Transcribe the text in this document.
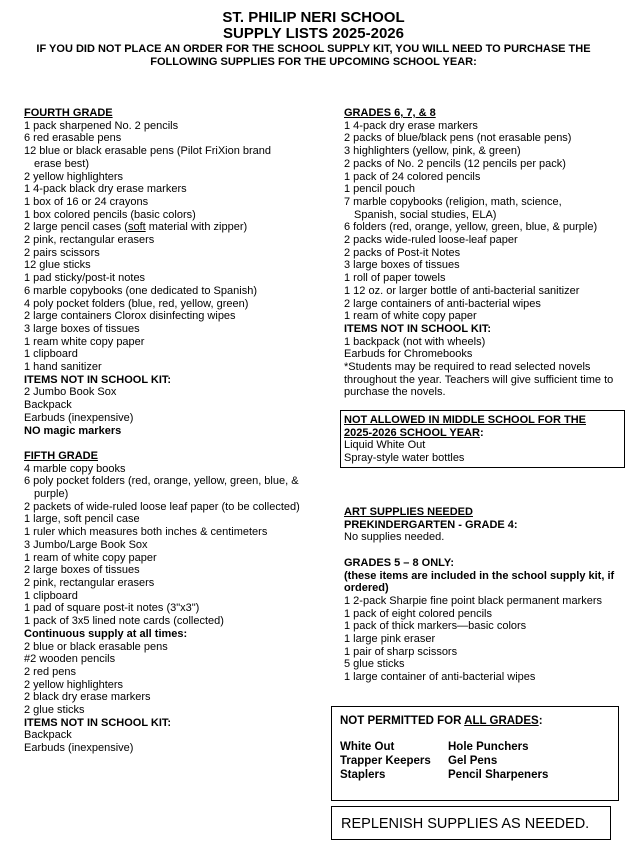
ST. PHILIP NERI SCHOOL
SUPPLY LISTS 2025-2026
IF YOU DID NOT PLACE AN ORDER FOR THE SCHOOL SUPPLY KIT, YOU WILL NEED TO PURCHASE THE
FOLLOWING SUPPLIES FOR THE UPCOMING SCHOOL YEAR:
FOURTH GRADE
1 pack sharpened No. 2 pencils
6 red erasable pens
12 blue or black erasable pens (Pilot FriXion brand
erase best)
2 yellow highlighters
1 4-pack black dry erase markers
1 box of 16 or 24 crayons
1 box colored pencils (basic colors)
2 large pencil cases (soft material with zipper)
2 pink, rectangular erasers
2 pairs scissors
12 glue sticks
1 pad sticky/post-it notes
6 marble copybooks (one dedicated to Spanish)
4 poly pocket folders (blue, red, yellow, green)
2 large containers Clorox disinfecting wipes
3 large boxes of tissues
1 ream white copy paper
1 clipboard
1 hand sanitizer
ITEMS NOT IN SCHOOL KIT:
2 Jumbo Book Sox
Backpack
Earbuds (inexpensive)
NO magic markers
FIFTH GRADE
4 marble copy books
6 poly pocket folders (red, orange, yellow, green, blue, &
purple)
2 packets of wide-ruled loose leaf paper (to be collected)
1 large, soft pencil case
1 ruler which measures both inches & centimeters
3 Jumbo/Large Book Sox
1 ream of white copy paper
2 large boxes of tissues
2 pink, rectangular erasers
1 clipboard
1 pad of square post-it notes (3"x3")
1 pack of 3x5 lined note cards (collected)
Continuous supply at all times:
2 blue or black erasable pens
#2 wooden pencils
2 red pens
2 yellow highlighters
2 black dry erase markers
2 glue sticks
ITEMS NOT IN SCHOOL KIT:
Backpack
Earbuds (inexpensive)
GRADES 6, 7, & 8
1 4-pack dry erase markers
2 packs of blue/black pens (not erasable pens)
3 highlighters (yellow, pink, & green)
2 packs of No. 2 pencils (12 pencils per pack)
1 pack of 24 colored pencils
1 pencil pouch
7 marble copybooks (religion, math, science,
Spanish, social studies, ELA)
6 folders (red, orange, yellow, green, blue, & purple)
2 packs wide-ruled loose-leaf paper
2 packs of Post-it Notes
3 large boxes of tissues
1 roll of paper towels
1 12 oz. or larger bottle of anti-bacterial sanitizer
2 large containers of anti-bacterial wipes
1 ream of white copy paper
ITEMS NOT IN SCHOOL KIT:
1 backpack (not with wheels)
Earbuds for Chromebooks
*Students may be required to read selected novels
throughout the year. Teachers will give sufficient time to
purchase the novels.
NOT ALLOWED IN MIDDLE SCHOOL FOR THE
2025-2026 SCHOOL YEAR:
Liquid White Out
Spray-style water bottles
ART SUPPLIES NEEDED
PREKINDERGARTEN - GRADE 4:
No supplies needed.
GRADES 5 – 8 ONLY:
(these items are included in the school supply kit, if
ordered)
1 2-pack Sharpie fine point black permanent markers
1 pack of eight colored pencils
1 pack of thick markers—basic colors
1 large pink eraser
1 pair of sharp scissors
5 glue sticks
1 large container of anti-bacterial wipes
NOT PERMITTED FOR ALL GRADES:
White Out	Hole Punchers
Trapper Keepers	Gel Pens
Staplers	Pencil Sharpeners
REPLENISH SUPPLIES AS NEEDED.
